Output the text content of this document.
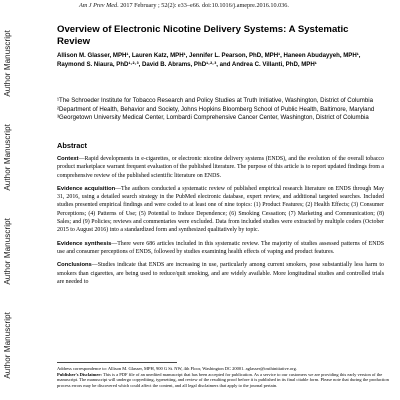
Author Manuscript
Author Manuscript
Author Manuscript
Author Manuscript
Am J Prev Med. 2017 February ; 52(2): e33–e66. doi:10.1016/j.amepre.2016.10.036.
Overview of Electronic Nicotine Delivery Systems: A Systematic Review
Allison M. Glasser, MPH¹, Lauren Katz, MPH¹, Jennifer L. Pearson, PhD, MPH¹, Haneen Abudayyeh, MPH¹, Raymond S. Niaura, PhD¹·²·³, David B. Abrams, PhD¹·²·³, and Andrea C. Villanti, PhD, MPH¹
¹The Schroeder Institute for Tobacco Research and Policy Studies at Truth Initiative, Washington, District of Columbia ²Department of Health, Behavior and Society, Johns Hopkins Bloomberg School of Public Health, Baltimore, Maryland ³Georgetown University Medical Center, Lombardi Comprehensive Cancer Center, Washington, District of Columbia
Abstract

Context—Rapid developments in e-cigarettes, or electronic nicotine delivery systems (ENDS), and the evolution of the overall tobacco product marketplace warrant frequent evaluation of the published literature. The purpose of this article is to report updated findings from a comprehensive review of the published scientific literature on ENDS.

Evidence acquisition—The authors conducted a systematic review of published empirical research literature on ENDS through May 31, 2016, using a detailed search strategy in the PubMed electronic database, expert review, and additional targeted searches. Included studies presented empirical findings and were coded to at least one of nine topics: (1) Product Features; (2) Health Effects; (3) Consumer Perceptions; (4) Patterns of Use; (5) Potential to Induce Dependence; (6) Smoking Cessation; (7) Marketing and Communication; (8) Sales; and (9) Policies; reviews and commentaries were excluded. Data from included studies were extracted by multiple coders (October 2015 to August 2016) into a standardized form and synthesized qualitatively by topic.

Evidence synthesis—There were 686 articles included in this systematic review. The majority of studies assessed patterns of ENDS use and consumer perceptions of ENDS, followed by studies examining health effects of vaping and product features.

Conclusions—Studies indicate that ENDS are increasing in use, particularly among current smokers, pose substantially less harm to smokers than cigarettes, are being used to reduce/quit smoking, and are widely available. More longitudinal studies and controlled trials are needed to

Address correspondence to: Allison M. Glasser, MPH, 900 G St. NW, 4th Floor, Washington DC 20001. aglasser@truthinitiative.org.

Publisher's Disclaimer: This is a PDF file of an unedited manuscript that has been accepted for publication. As a service to our customers we are providing this early version of the manuscript. The manuscript will undergo copyediting, typesetting, and review of the resulting proof before it is published in its final citable form. Please note that during the production process errors may be discovered which could affect the content, and all legal disclaimers that apply to the journal pertain.
